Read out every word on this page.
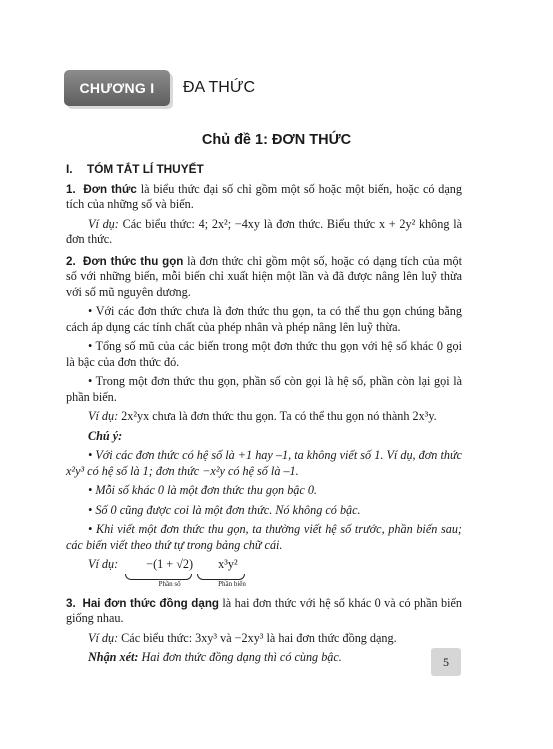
CHƯƠNG I ĐA THỨC
Chủ đề 1: ĐƠN THỨC

I. TÓM TẮT LÍ THUYẾT

1. Đơn thức là biểu thức đại số chỉ gồm một số hoặc một biến, hoặc có dạng tích của những số và biến.

Ví dụ: Các biểu thức: 4; 2x²; −4xy là đơn thức. Biểu thức x + 2y² không là đơn thức.

2. Đơn thức thu gọn là đơn thức chỉ gồm một số, hoặc có dạng tích của một số với những biến, mỗi biến chỉ xuất hiện một lần và đã được nâng lên luỹ thừa với số mũ nguyên dương.

• Với các đơn thức chưa là đơn thức thu gọn, ta có thể thu gọn chúng bằng cách áp dụng các tính chất của phép nhân và phép nâng lên luỹ thừa.

• Tổng số mũ của các biến trong một đơn thức thu gọn với hệ số khác 0 gọi là bậc của đơn thức đó.

• Trong một đơn thức thu gọn, phần số còn gọi là hệ số, phần còn lại gọi là phần biến.

Ví dụ: 2x²yx chưa là đơn thức thu gọn. Ta có thể thu gọn nó thành 2x³y.

Chú ý:

• Với các đơn thức có hệ số là +1 hay –1, ta không viết số 1. Ví dụ, đơn thức x²y³ có hệ số là 1; đơn thức −x²y có hệ số là –1.

• Mỗi số khác 0 là một đơn thức thu gọn bậc 0.

• Số 0 cũng được coi là một đơn thức. Nó không có bậc.

• Khi viết một đơn thức thu gọn, ta thường viết hệ số trước, phần biến sau; các biến viết theo thứ tự trong bảng chữ cái.

Ví dụ: −(1 + √2)
Phần số
x³y²
Phần biến

3. Hai đơn thức đồng dạng là hai đơn thức với hệ số khác 0 và có phần biến giống nhau.

Ví dụ: Các biểu thức: 3xy³ và −2xy³ là hai đơn thức đồng dạng.

Nhận xét: Hai đơn thức đồng dạng thì có cùng bậc.	5
